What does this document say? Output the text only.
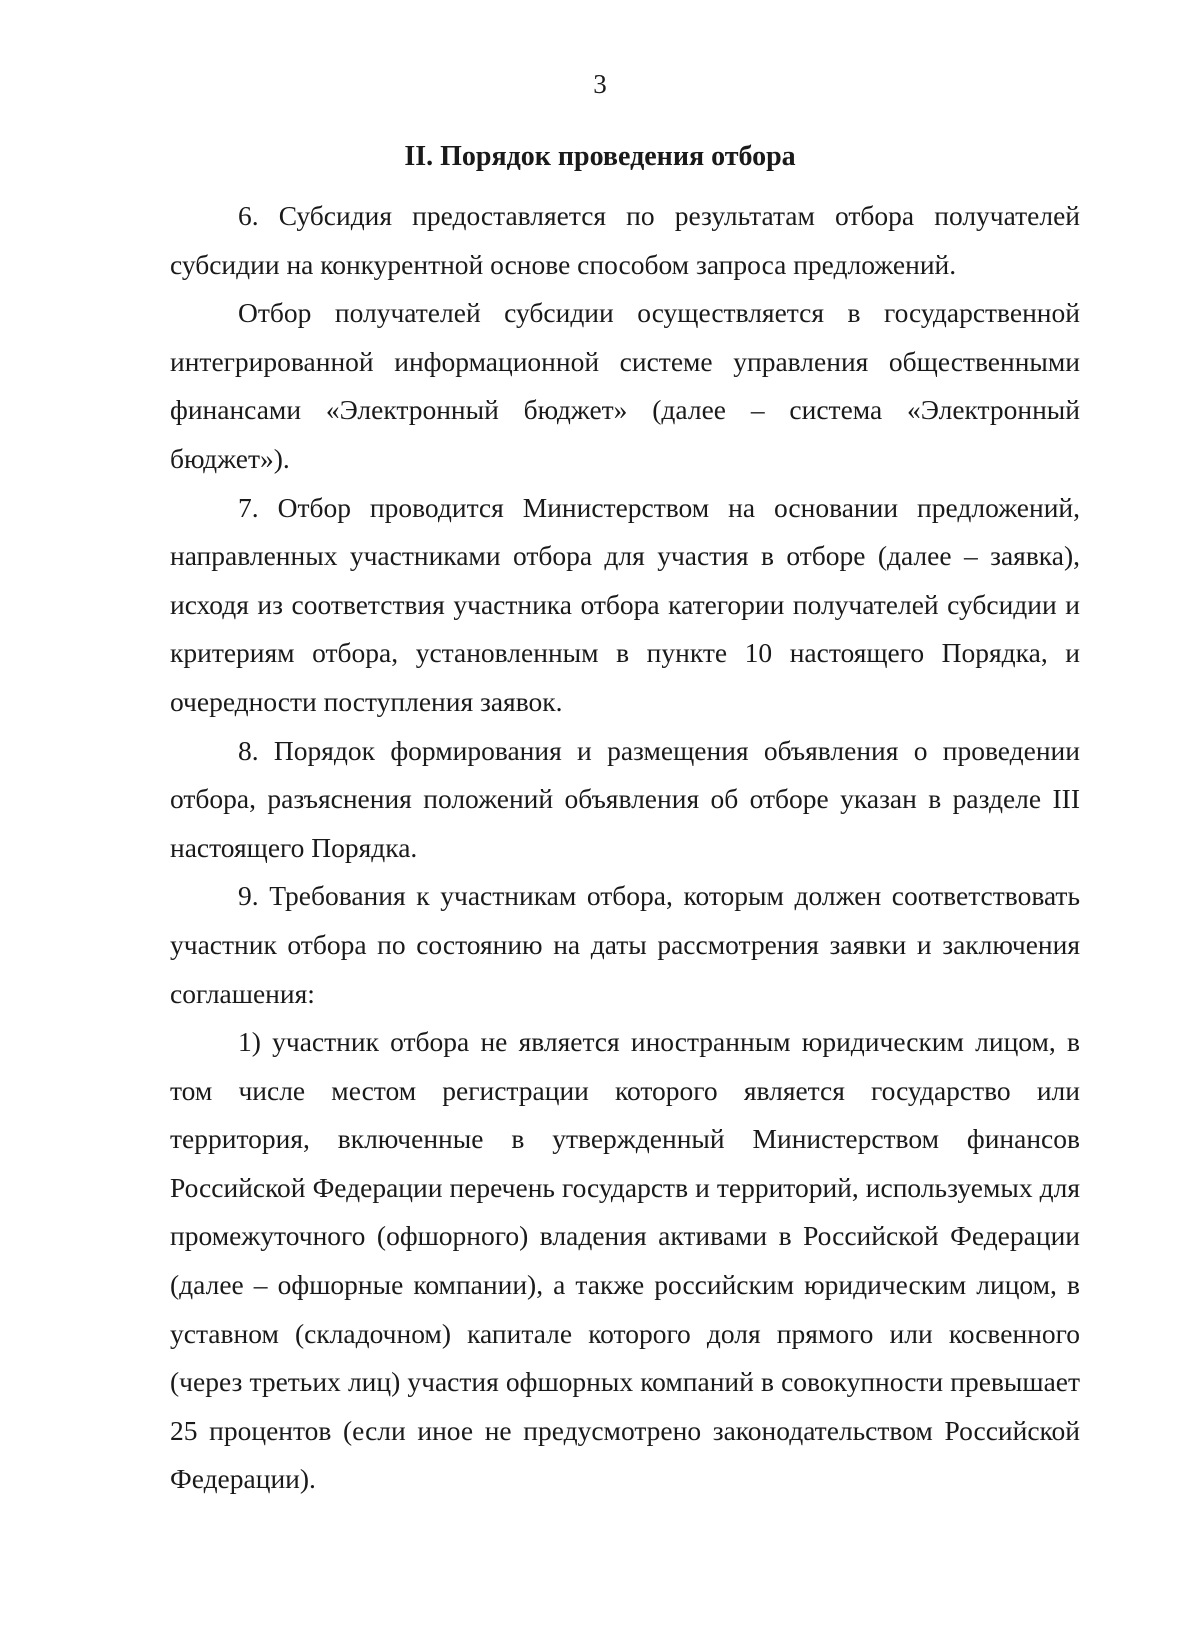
3
II. Порядок проведения отбора

6. Субсидия предоставляется по результатам отбора получателей субсидии на конкурентной основе способом запроса предложений.

Отбор получателей субсидии осуществляется в государственной интегрированной информационной системе управления общественными финансами «Электронный бюджет» (далее – система «Электронный бюджет»).

7. Отбор проводится Министерством на основании предложений, направленных участниками отбора для участия в отборе (далее – заявка), исходя из соответствия участника отбора категории получателей субсидии и критериям отбора, установленным в пункте 10 настоящего Порядка, и очередности поступления заявок.

8. Порядок формирования и размещения объявления о проведении отбора, разъяснения положений объявления об отборе указан в разделе III настоящего Порядка.

9. Требования к участникам отбора, которым должен соответствовать участник отбора по состоянию на даты рассмотрения заявки и заключения соглашения:

1) участник отбора не является иностранным юридическим лицом, в том числе местом регистрации которого является государство или территория, включенные в утвержденный Министерством финансов Российской Федерации перечень государств и территорий, используемых для промежуточного (офшорного) владения активами в Российской Федерации (далее – офшорные компании), а также российским юридическим лицом, в уставном (складочном) капитале которого доля прямого или косвенного (через третьих лиц) участия офшорных компаний в совокупности превышает 25 процентов (если иное не предусмотрено законодательством Российской Федерации).
